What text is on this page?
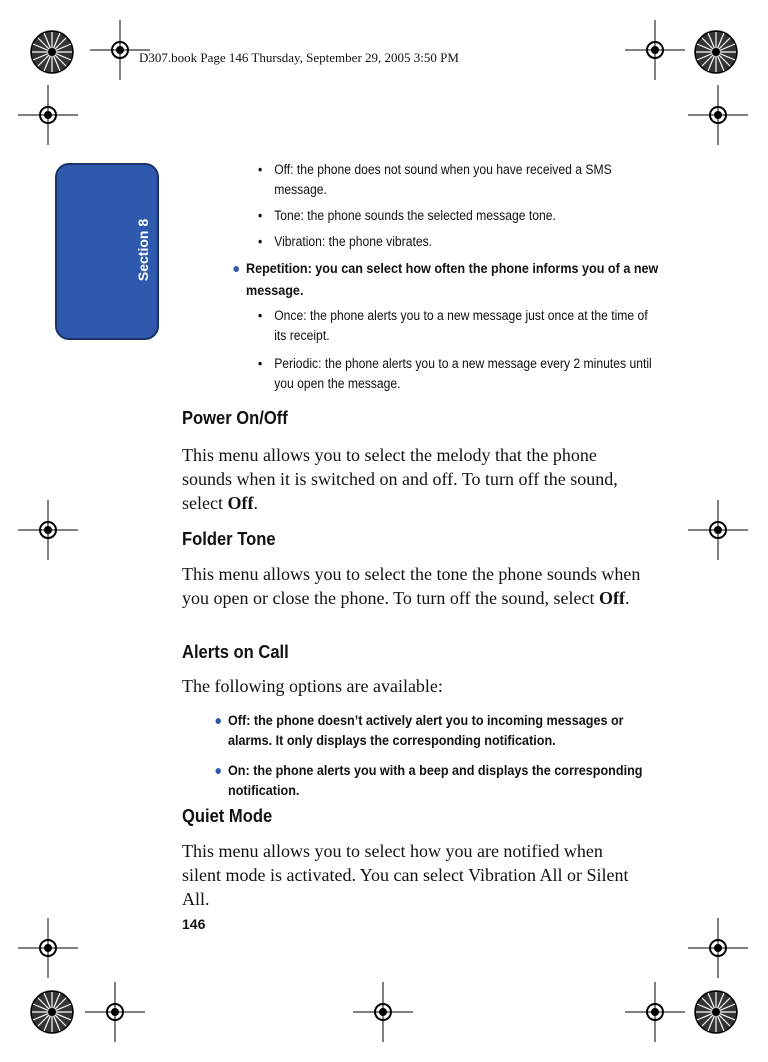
D307.book Page 146 Thursday, September 29, 2005 3:50 PM
Section 8
• Off: the phone does not sound when you have received a SMS message.
• Tone: the phone sounds the selected message tone.
• Vibration: the phone vibrates.
● Repetition: you can select how often the phone informs you of a new message.
• Once: the phone alerts you to a new message just once at the time of its receipt.
• Periodic: the phone alerts you to a new message every 2 minutes until you open the message.
Power On/Off
This menu allows you to select the melody that the phone sounds when it is switched on and off. To turn off the sound, select Off.
Folder Tone
This menu allows you to select the tone the phone sounds when you open or close the phone. To turn off the sound, select Off.
Alerts on Call
The following options are available:
● Off: the phone doesn’t actively alert you to incoming messages or alarms. It only displays the corresponding notification.
● On: the phone alerts you with a beep and displays the corresponding notification.
Quiet Mode
This menu allows you to select how you are notified when silent mode is activated. You can select Vibration All or Silent All.
146
